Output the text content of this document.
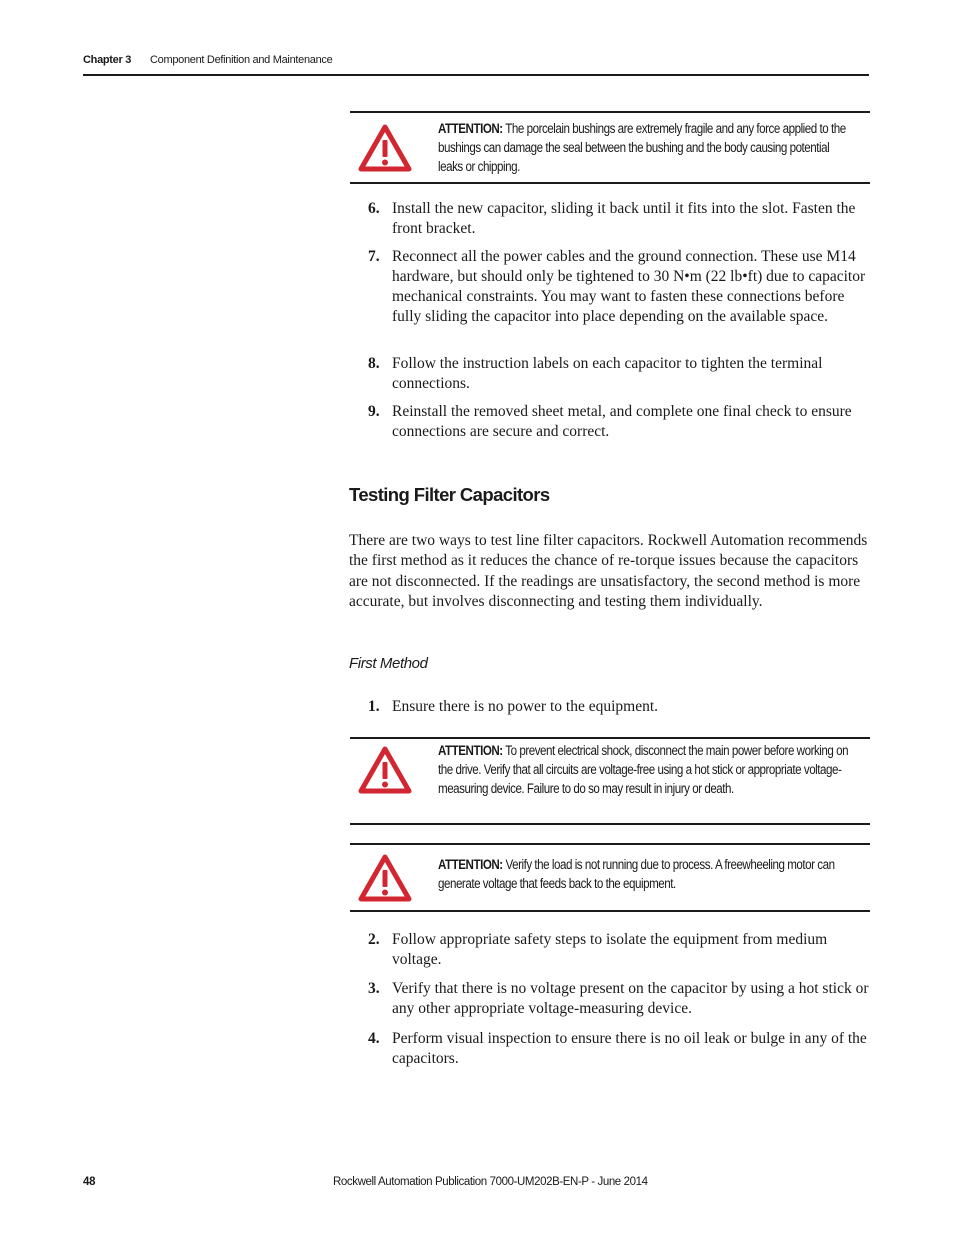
Chapter 3 Component Definition and Maintenance
ATTENTION: The porcelain bushings are extremely fragile and any force applied to the bushings can damage the seal between the bushing and the body causing potential leaks or chipping.
6. Install the new capacitor, sliding it back until it fits into the slot. Fasten the front bracket.
7. Reconnect all the power cables and the ground connection. These use M14 hardware, but should only be tightened to 30 N•m (22 lb•ft) due to capacitor mechanical constraints. You may want to fasten these connections before fully sliding the capacitor into place depending on the available space.
8. Follow the instruction labels on each capacitor to tighten the terminal connections.
9. Reinstall the removed sheet metal, and complete one final check to ensure connections are secure and correct.
Testing Filter Capacitors
There are two ways to test line filter capacitors. Rockwell Automation recommends the first method as it reduces the chance of re-torque issues because the capacitors are not disconnected. If the readings are unsatisfactory, the second method is more accurate, but involves disconnecting and testing them individually.
First Method
1. Ensure there is no power to the equipment.
ATTENTION: To prevent electrical shock, disconnect the main power before working on the drive. Verify that all circuits are voltage-free using a hot stick or appropriate voltage-measuring device. Failure to do so may result in injury or death.
ATTENTION: Verify the load is not running due to process. A freewheeling motor can generate voltage that feeds back to the equipment.
2. Follow appropriate safety steps to isolate the equipment from medium voltage.
3. Verify that there is no voltage present on the capacitor by using a hot stick or any other appropriate voltage-measuring device.
4. Perform visual inspection to ensure there is no oil leak or bulge in any of the capacitors.
48	Rockwell Automation Publication 7000-UM202B-EN-P - June 2014
